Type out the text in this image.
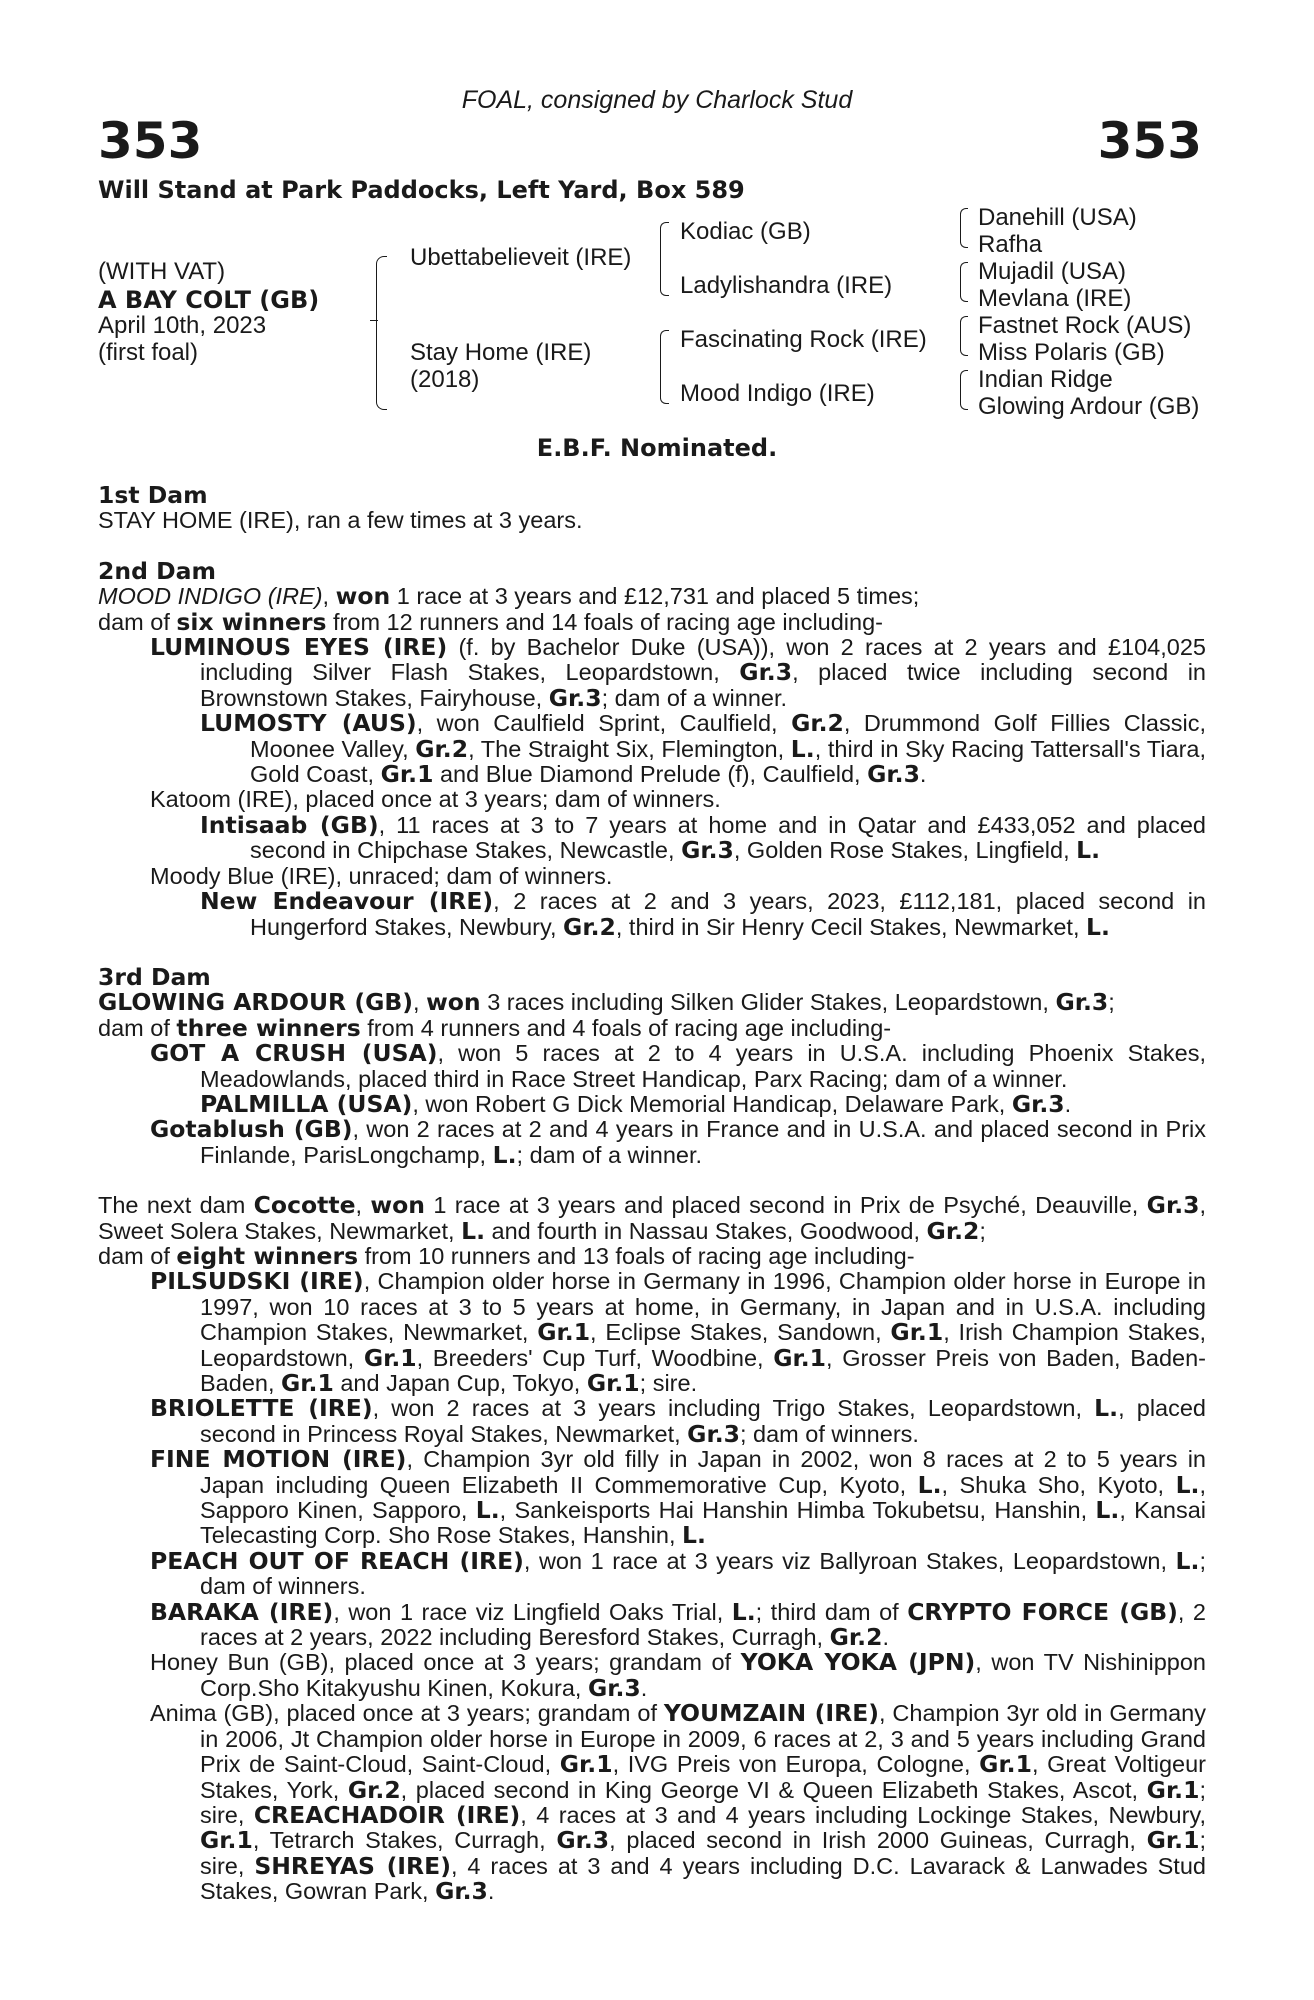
FOAL, consigned by Charlock Stud
353	353
Will Stand at Park Paddocks, Left Yard, Box 589
(WITH VAT)
A BAY COLT (GB)
April 10th, 2023
(first foal)
Ubettabelieveit (IRE)
Stay Home (IRE)
(2018)
Kodiac (GB)
Ladylishandra (IRE)
Fascinating Rock (IRE)
Mood Indigo (IRE)
Danehill (USA)
Rafha
Mujadil (USA)
Mevlana (IRE)
Fastnet Rock (AUS)
Miss Polaris (GB)
Indian Ridge
Glowing Ardour (GB)
E.B.F. Nominated.

1st Dam

STAY HOME (IRE), ran a few times at 3 years.

2nd Dam

MOOD INDIGO (IRE), won 1 race at 3 years and £12,731 and placed 5 times;

dam of six winners from 12 runners and 14 foals of racing age including-

LUMINOUS EYES (IRE) (f. by Bachelor Duke (USA)), won 2 races at 2 years and £104,025 including Silver Flash Stakes, Leopardstown, Gr.3, placed twice including second in Brownstown Stakes, Fairyhouse, Gr.3; dam of a winner.

LUMOSTY (AUS), won Caulfield Sprint, Caulfield, Gr.2, Drummond Golf Fillies Classic, Moonee Valley, Gr.2, The Straight Six, Flemington, L., third in Sky Racing Tattersall's Tiara, Gold Coast, Gr.1 and Blue Diamond Prelude (f), Caulfield, Gr.3.

Katoom (IRE), placed once at 3 years; dam of winners.

Intisaab (GB), 11 races at 3 to 7 years at home and in Qatar and £433,052 and placed second in Chipchase Stakes, Newcastle, Gr.3, Golden Rose Stakes, Lingfield, L.

Moody Blue (IRE), unraced; dam of winners.

New Endeavour (IRE), 2 races at 2 and 3 years, 2023, £112,181, placed second in Hungerford Stakes, Newbury, Gr.2, third in Sir Henry Cecil Stakes, Newmarket, L.

3rd Dam

GLOWING ARDOUR (GB), won 3 races including Silken Glider Stakes, Leopardstown, Gr.3;

dam of three winners from 4 runners and 4 foals of racing age including-

GOT A CRUSH (USA), won 5 races at 2 to 4 years in U.S.A. including Phoenix Stakes, Meadowlands, placed third in Race Street Handicap, Parx Racing; dam of a winner.

PALMILLA (USA), won Robert G Dick Memorial Handicap, Delaware Park, Gr.3.

Gotablush (GB), won 2 races at 2 and 4 years in France and in U.S.A. and placed second in Prix Finlande, ParisLongchamp, L.; dam of a winner.

The next dam Cocotte, won 1 race at 3 years and placed second in Prix de Psyché, Deauville, Gr.3, Sweet Solera Stakes, Newmarket, L. and fourth in Nassau Stakes, Goodwood, Gr.2;

dam of eight winners from 10 runners and 13 foals of racing age including-

PILSUDSKI (IRE), Champion older horse in Germany in 1996, Champion older horse in Europe in 1997, won 10 races at 3 to 5 years at home, in Germany, in Japan and in U.S.A. including Champion Stakes, Newmarket, Gr.1, Eclipse Stakes, Sandown, Gr.1, Irish Champion Stakes, Leopardstown, Gr.1, Breeders' Cup Turf, Woodbine, Gr.1, Grosser Preis von Baden, Baden-Baden, Gr.1 and Japan Cup, Tokyo, Gr.1; sire.

BRIOLETTE (IRE), won 2 races at 3 years including Trigo Stakes, Leopardstown, L., placed second in Princess Royal Stakes, Newmarket, Gr.3; dam of winners.

FINE MOTION (IRE), Champion 3yr old filly in Japan in 2002, won 8 races at 2 to 5 years in Japan including Queen Elizabeth II Commemorative Cup, Kyoto, L., Shuka Sho, Kyoto, L., Sapporo Kinen, Sapporo, L., Sankeisports Hai Hanshin Himba Tokubetsu, Hanshin, L., Kansai Telecasting Corp. Sho Rose Stakes, Hanshin, L.

PEACH OUT OF REACH (IRE), won 1 race at 3 years viz Ballyroan Stakes, Leopardstown, L.; dam of winners.

BARAKA (IRE), won 1 race viz Lingfield Oaks Trial, L.; third dam of CRYPTO FORCE (GB), 2 races at 2 years, 2022 including Beresford Stakes, Curragh, Gr.2.

Honey Bun (GB), placed once at 3 years; grandam of YOKA YOKA (JPN), won TV Nishinippon Corp.Sho Kitakyushu Kinen, Kokura, Gr.3.

Anima (GB), placed once at 3 years; grandam of YOUMZAIN (IRE), Champion 3yr old in Germany in 2006, Jt Champion older horse in Europe in 2009, 6 races at 2, 3 and 5 years including Grand Prix de Saint-Cloud, Saint-Cloud, Gr.1, IVG Preis von Europa, Cologne, Gr.1, Great Voltigeur Stakes, York, Gr.2, placed second in King George VI & Queen Elizabeth Stakes, Ascot, Gr.1; sire, CREACHADOIR (IRE), 4 races at 3 and 4 years including Lockinge Stakes, Newbury, Gr.1, Tetrarch Stakes, Curragh, Gr.3, placed second in Irish 2000 Guineas, Curragh, Gr.1; sire, SHREYAS (IRE), 4 races at 3 and 4 years including D.C. Lavarack & Lanwades Stud Stakes, Gowran Park, Gr.3.
